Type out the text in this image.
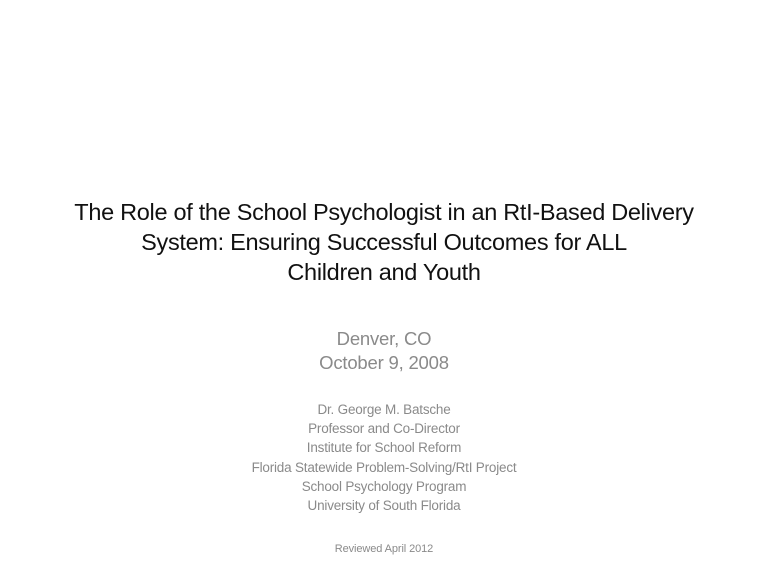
The Role of the School Psychologist in an RtI-Based Delivery
System: Ensuring Successful Outcomes for ALL
Children and Youth
Denver, CO
October 9, 2008
Dr. George M. Batsche
Professor and Co-Director
Institute for School Reform
Florida Statewide Problem-Solving/RtI Project
School Psychology Program
University of South Florida
Reviewed April 2012
